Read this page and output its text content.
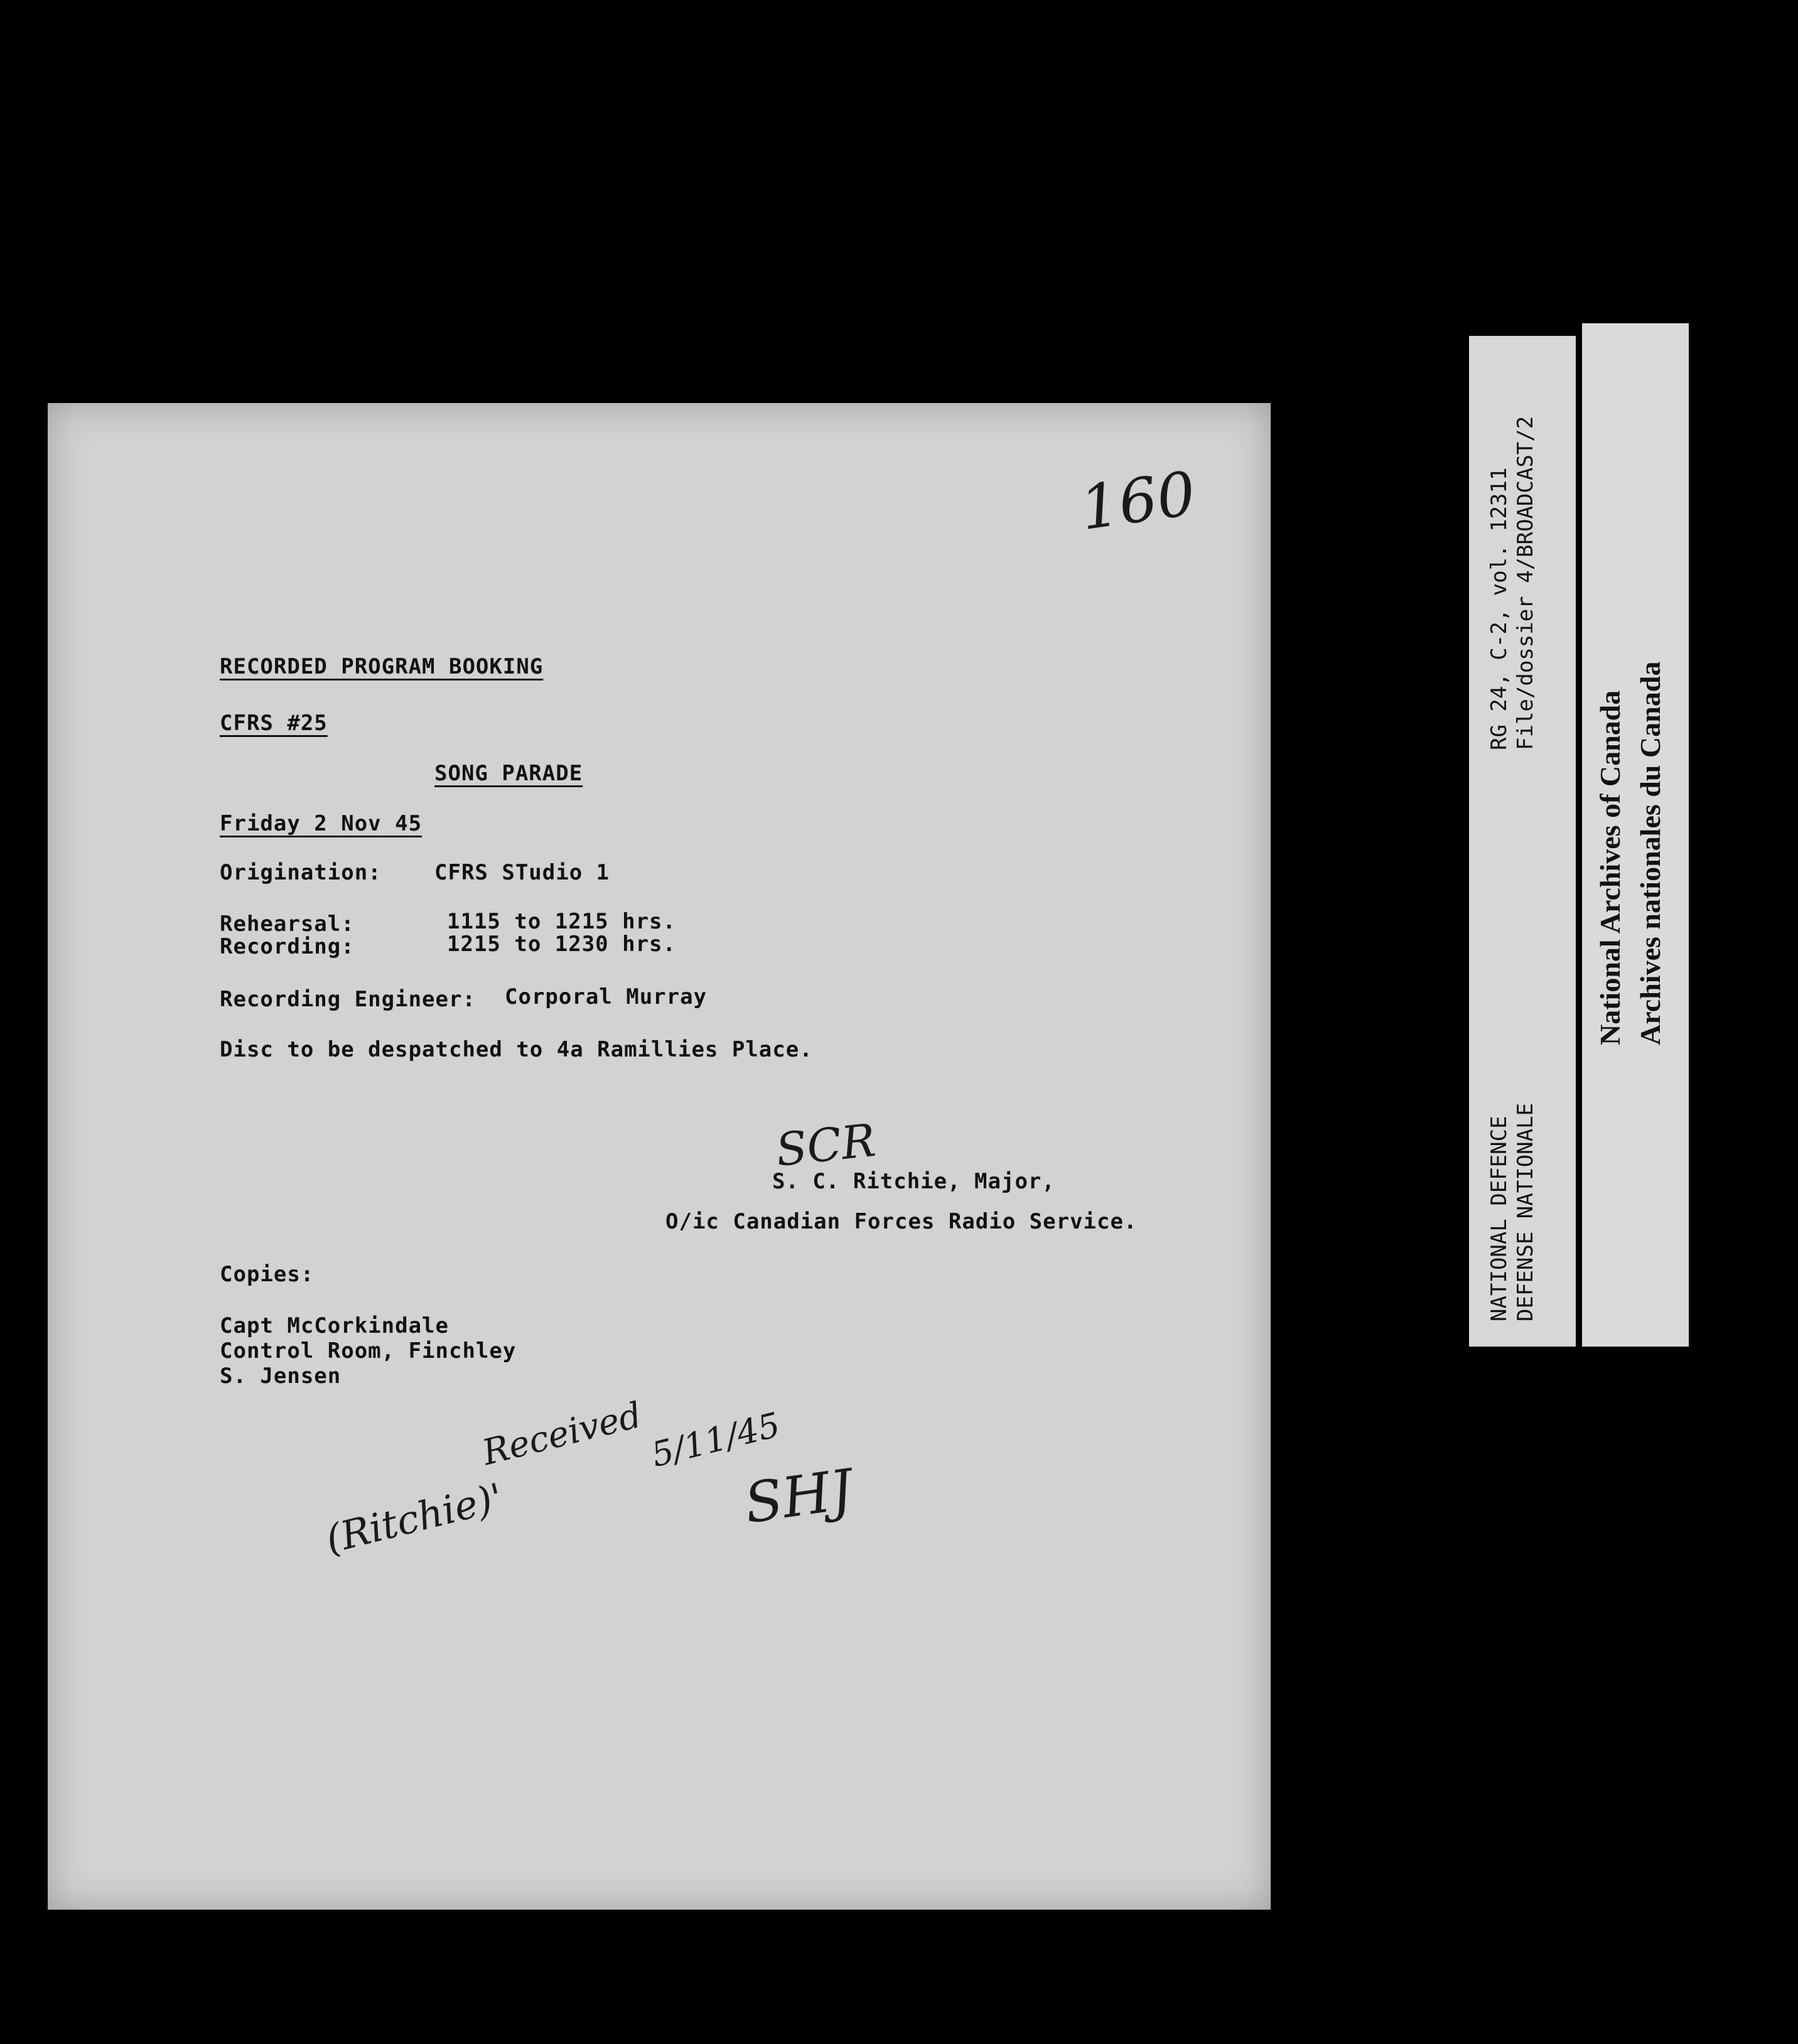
160
RECORDED PROGRAM BOOKING
CFRS #25
SONG PARADE
Friday 2 Nov 45
Origination: CFRS STudio 1
Rehearsal:	1115 to 1215 hrs.
Recording:	1215 to 1230 hrs.
Recording Engineer: Corporal Murray
Disc to be despatched to 4a Ramillies Place.
SCR
S. C. Ritchie, Major,
O/ic Canadian Forces Radio Service.
Copies:
Capt McCorkindale
Control Room, Finchley
S. Jensen
Received 5/11/45
SHJ
(Ritchie)'
RG 24, C-2, vol. 12311 File/dossier 4/BROADCAST/2
NATIONAL DEFENCE DEFENSE NATIONALE
National Archives of Canada Archives nationales du Canada
